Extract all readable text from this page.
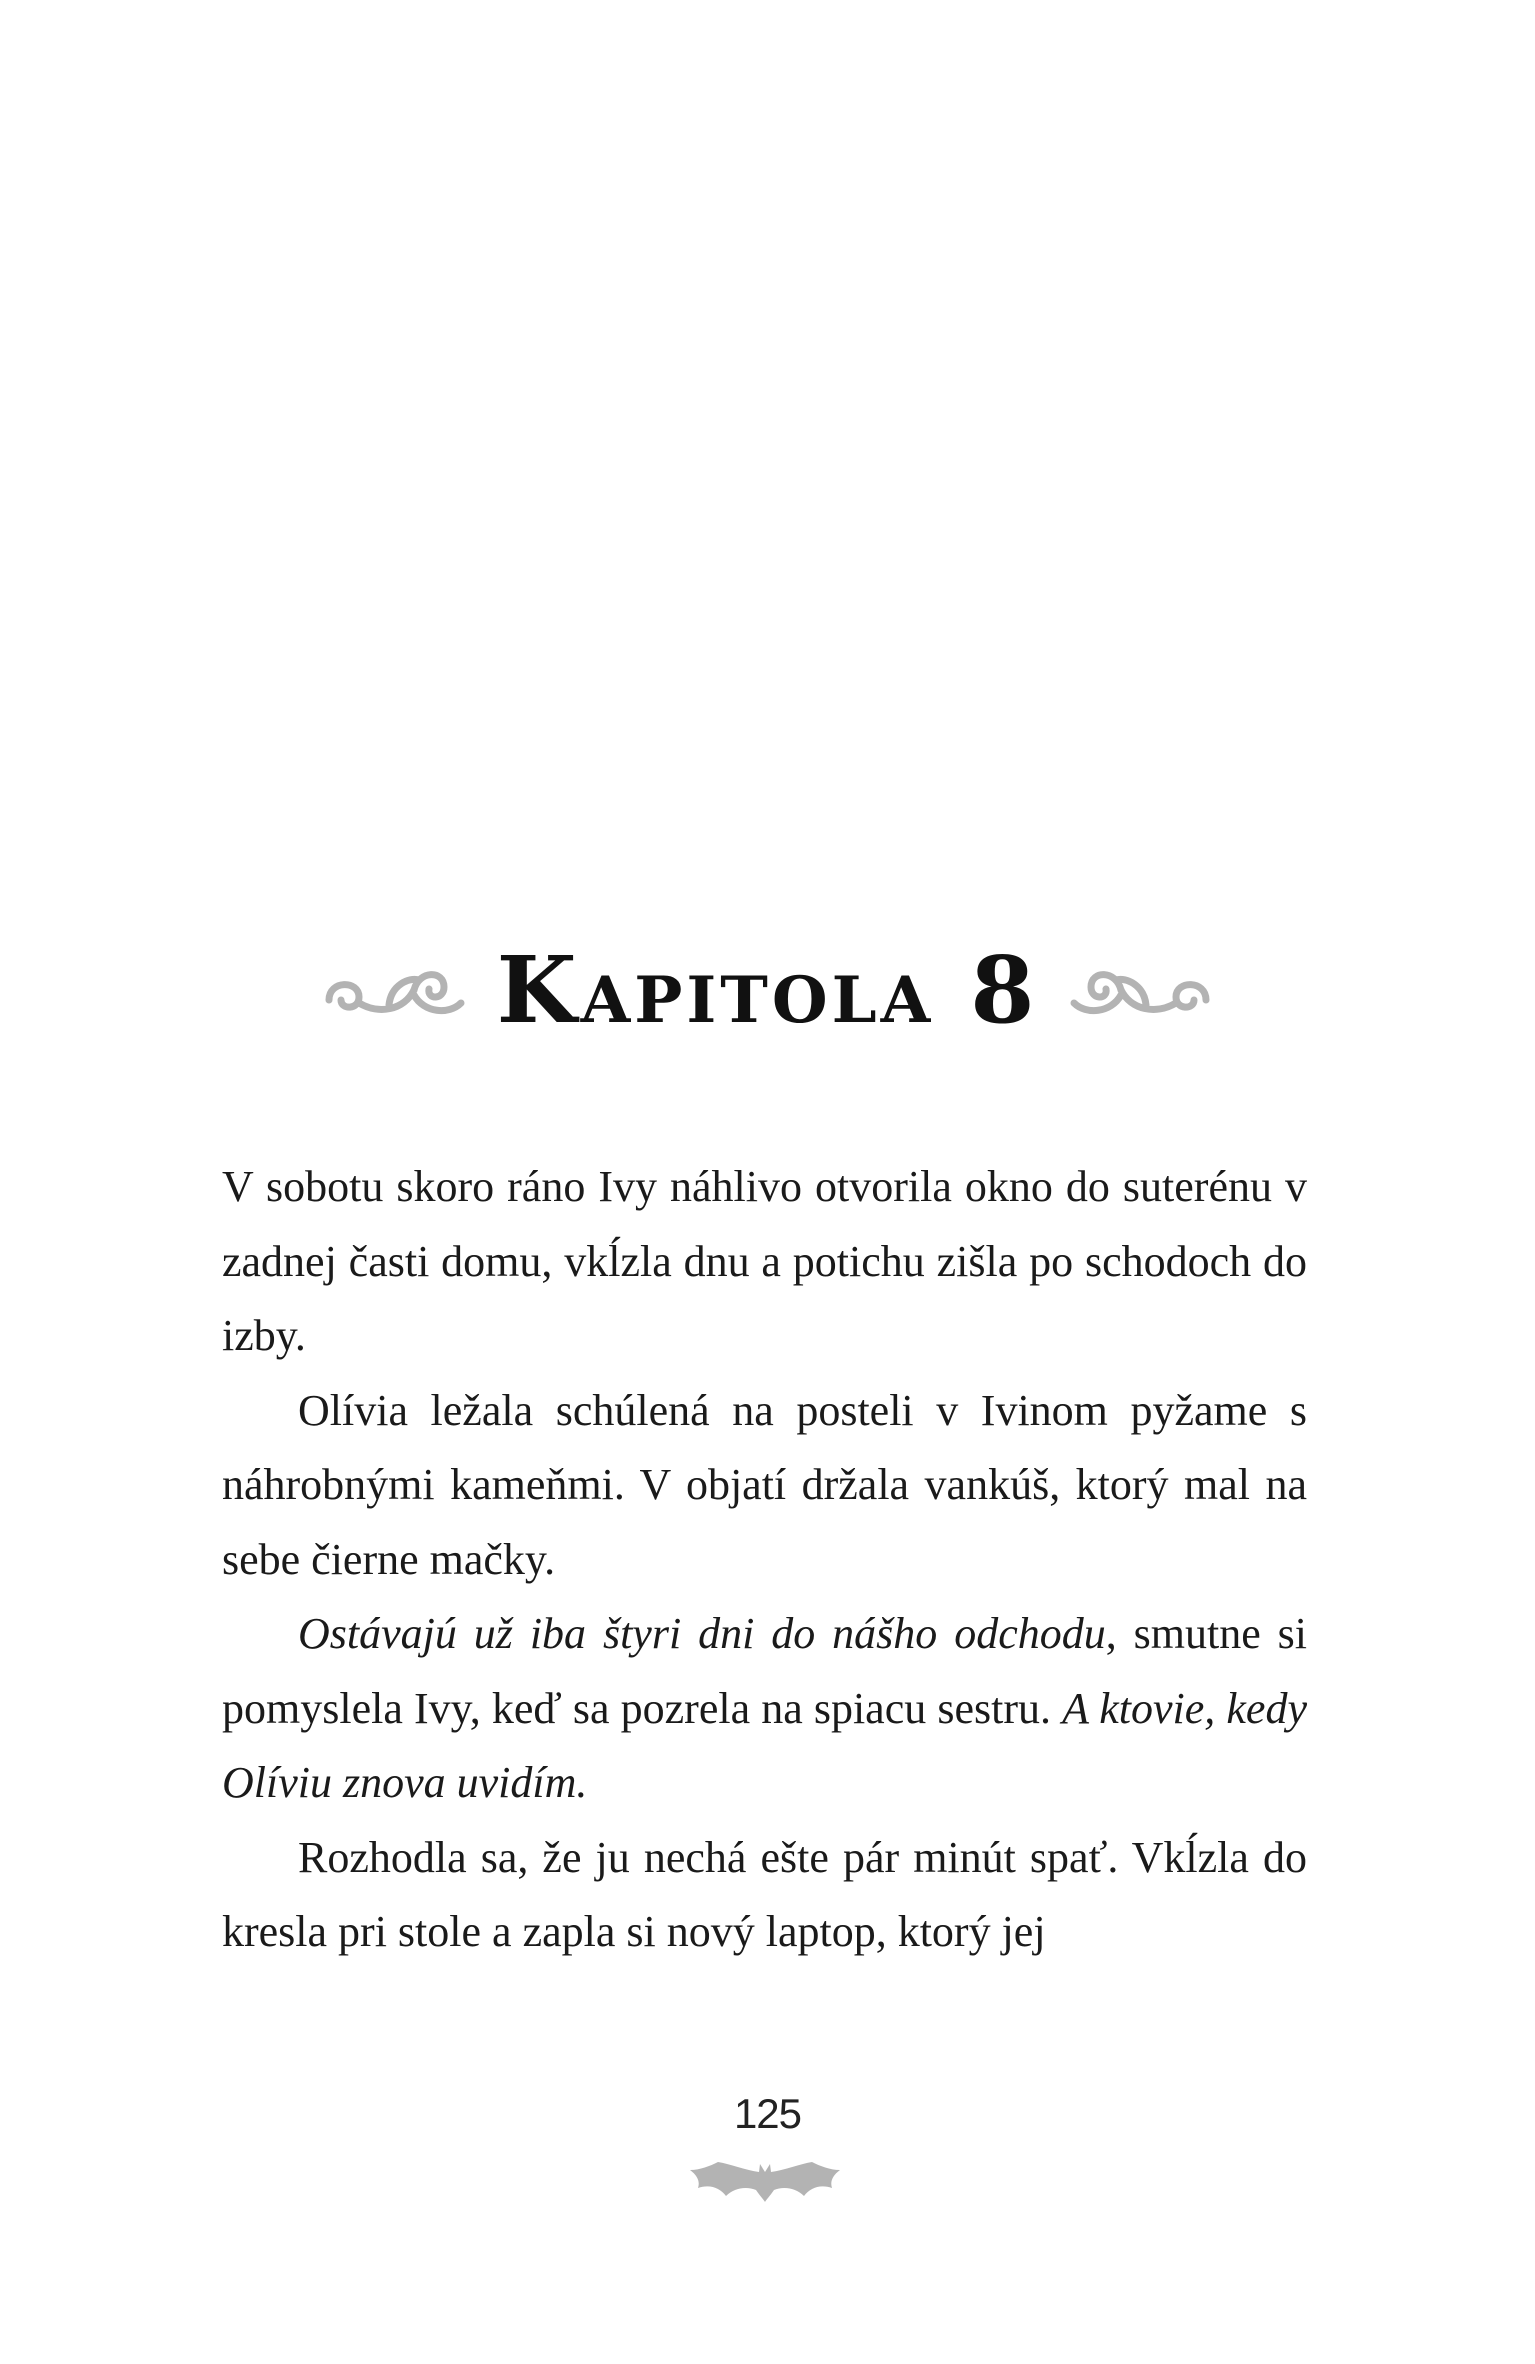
Kapitola 8

V sobotu skoro ráno Ivy náhlivo otvorila okno do suterénu v zadnej časti domu, vkĺzla dnu a potichu zišla po schodoch do izby.

Olívia ležala schúlená na posteli v Ivinom pyžame s náhrobnými kameňmi. V objatí držala vankúš, ktorý mal na sebe čierne mačky.

Ostávajú už iba štyri dni do nášho odchodu, smutne si pomyslela Ivy, keď sa pozrela na spiacu sestru. A ktovie, kedy Olíviu znova uvidím.

Rozhodla sa, že ju nechá ešte pár minút spať. Vkĺzla do kresla pri stole a zapla si nový laptop, ktorý jej

125
